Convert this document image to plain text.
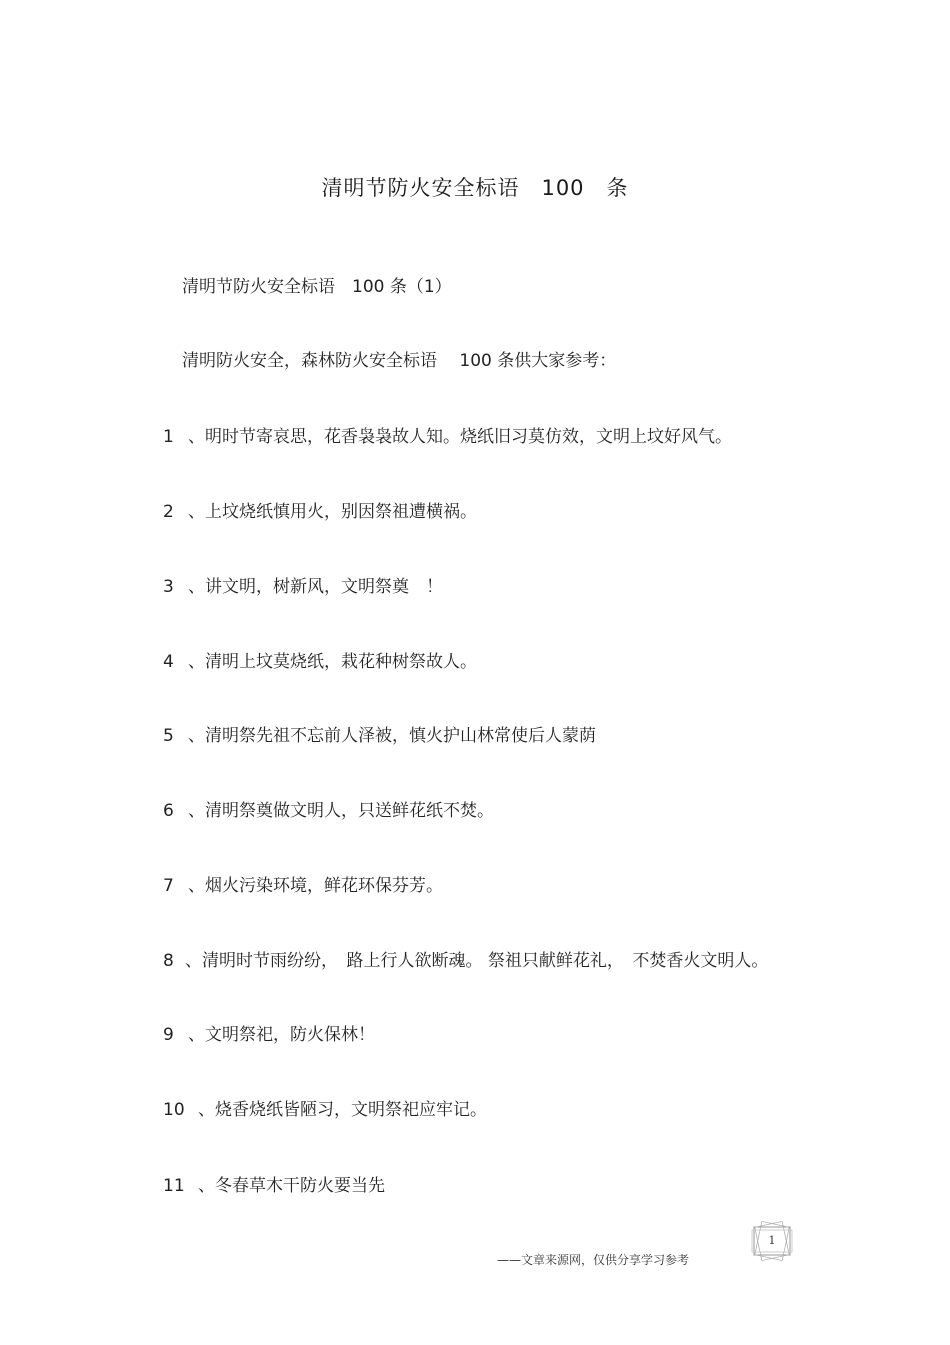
清明节防火安全标语　100　条
清明节防火安全标语　100 条（1）
清明防火安全，森林防火安全标语　 100 条供大家参考：
1 、明时节寄哀思，花香袅袅故人知。烧纸旧习莫仿效，文明上坟好风气。
2 、上坟烧纸慎用火，别因祭祖遭横祸。
3 、讲文明，树新风，文明祭奠　！
4 、清明上坟莫烧纸，栽花种树祭故人。
5 、清明祭先祖不忘前人泽被，慎火护山林常使后人蒙荫
6 、清明祭奠做文明人，只送鲜花纸不焚。
7 、烟火污染环境，鲜花环保芬芳。
8 、清明时节雨纷纷，　路上行人欲断魂。 祭祖只献鲜花礼，　不焚香火文明人。
9 、文明祭祀，防火保林！
10 、烧香烧纸皆陋习，文明祭祀应牢记。
11 、冬春草木干防火要当先
——文章来源网，仅供分享学习参考
1
